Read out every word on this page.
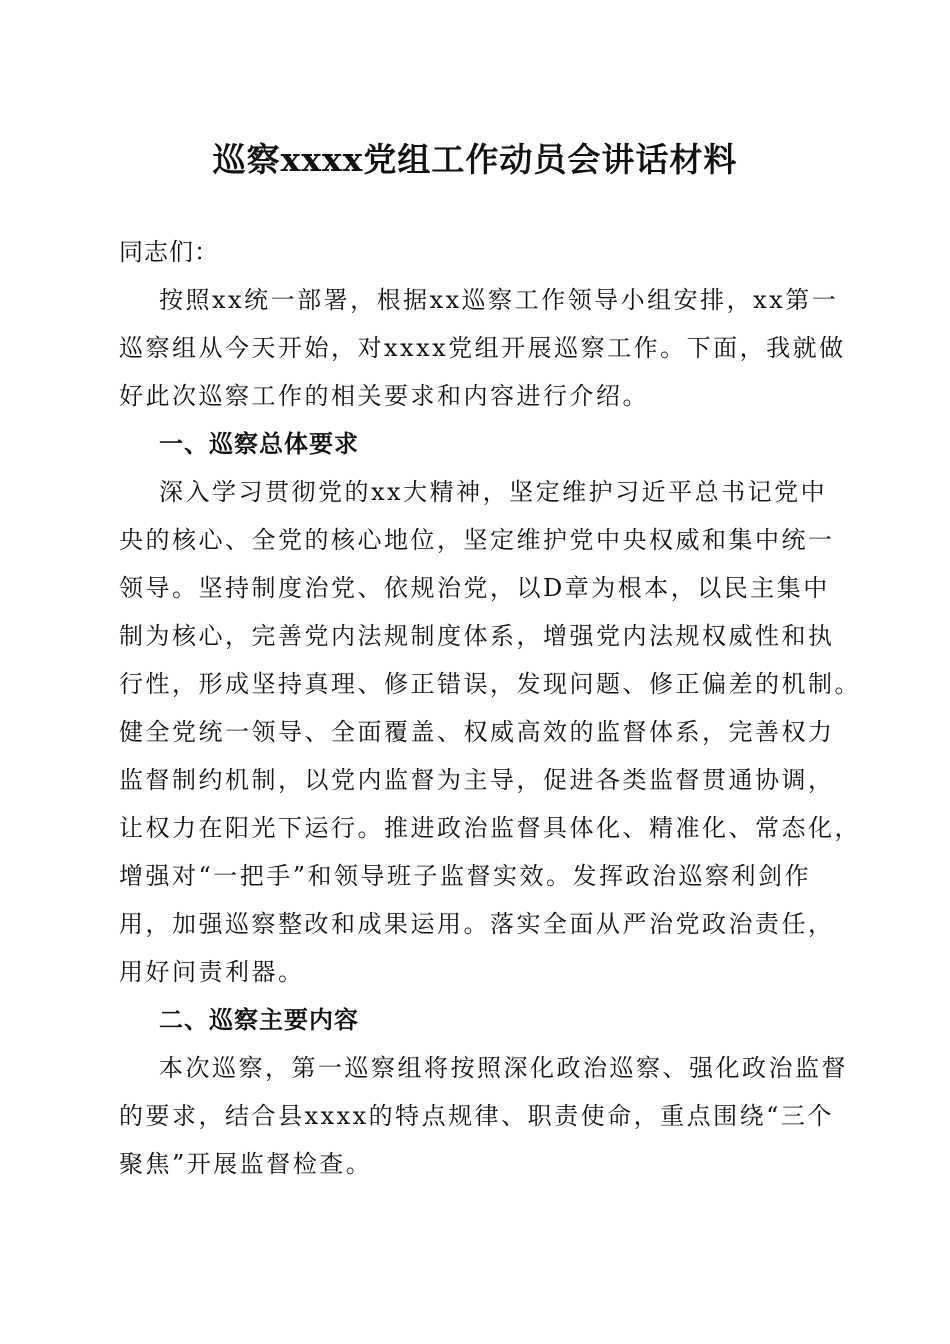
巡察xxxx党组工作动员会讲话材料
同志们：
按照xx统一部署，根据xx巡察工作领导小组安排，xx第一
巡察组从今天开始，对xxxx党组开展巡察工作。下面，我就做
好此次巡察工作的相关要求和内容进行介绍。
一、巡察总体要求
深入学习贯彻党的xx大精神，坚定维护习近平总书记党中
央的核心、全党的核心地位，坚定维护党中央权威和集中统一
领导。坚持制度治党、依规治党，以D章为根本，以民主集中
制为核心，完善党内法规制度体系，增强党内法规权威性和执
行性，形成坚持真理、修正错误，发现问题、修正偏差的机制。
健全党统一领导、全面覆盖、权威高效的监督体系，完善权力
监督制约机制，以党内监督为主导，促进各类监督贯通协调，
让权力在阳光下运行。推进政治监督具体化、精准化、常态化，
增强对“一把手”和领导班子监督实效。发挥政治巡察利剑作
用，加强巡察整改和成果运用。落实全面从严治党政治责任，
用好问责利器。
二、巡察主要内容
本次巡察，第一巡察组将按照深化政治巡察、强化政治监督
的要求，结合县xxxx的特点规律、职责使命，重点围绕“三个
聚焦”开展监督检查。
